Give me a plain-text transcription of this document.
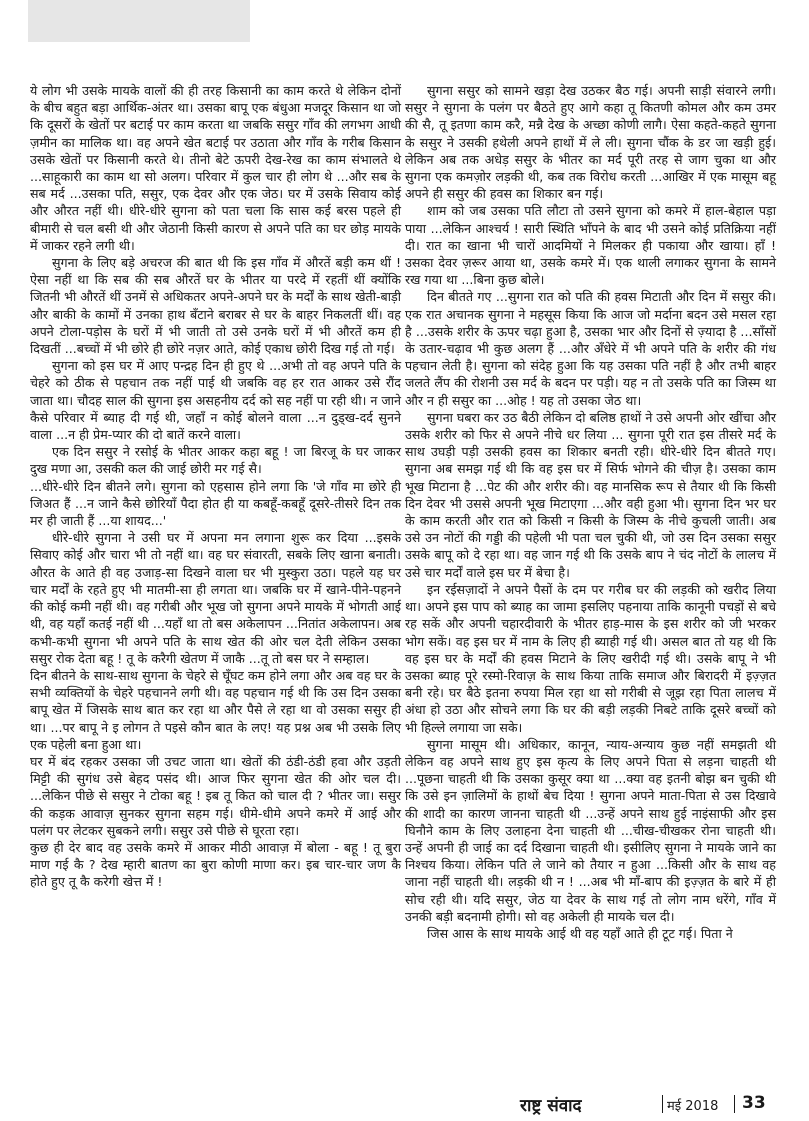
ये लोग भी उसके मायके वालों की ही तरह किसानी का काम करते थे लेकिन दोनों के बीच बहुत बड़ा आर्थिक-अंतर था। उसका बापू एक बंधुआ मजदूर किसान था जो कि दूसरों के खेतों पर बटाई पर काम करता था जबकि ससुर गाँव की लगभग आधी ज़मीन का मालिक था। वह अपने खेत बटाई पर उठाता और गाँव के गरीब किसान उसके खेतों पर किसानी करते थे। तीनो बेटे ऊपरी देख-रेख का काम संभालते थे ...साहूकारी का काम था सो अलग। परिवार में कुल चार ही लोग थे ...और सब के सब मर्द ...उसका पति, ससुर, एक देवर और एक जेठ। घर में उसके सिवाय कोई और औरत नहीं थी। धीरे-धीरे सुगना को पता चला कि सास कई बरस पहले ही बीमारी से चल बसी थी और जेठानी किसी कारण से अपने पति का घर छोड़ मायके में जाकर रहने लगी थी।

सुगना के लिए बड़े अचरज की बात थी कि इस गाँव में औरतें बड़ी कम थीं ! ऐसा नहीं था कि सब की सब औरतें घर के भीतर या परदे में रहतीं थीं क्योंकि जितनी भी औरतें थीं उनमें से अधिकतर अपने-अपने घर के मर्दों के साथ खेती-बाड़ी और बाकी के कामों में उनका हाथ बँटाने बराबर से घर के बाहर निकलतीं थीं। वह अपने टोला-पड़ोस के घरों में भी जाती तो उसे उनके घरों में भी औरतें कम ही दिखतीं ...बच्चों में भी छोरे ही छोरे नज़र आते, कोई एकाध छोरी दिख गई तो गई।

सुगना को इस घर में आए पन्द्रह दिन ही हुए थे ...अभी तो वह अपने पति के चेहरे को ठीक से पहचान तक नहीं पाई थी जबकि वह हर रात आकर उसे रौंद जाता था। चौदह साल की सुगना इस असहनीय दर्द को सह नहीं पा रही थी। न जाने कैसे परिवार में ब्याह दी गई थी, जहाँ न कोई बोलने वाला ...न दुड्ख-दर्द सुनने वाला ...न ही प्रेम-प्यार की दो बातें करने वाला।

एक दिन ससुर ने रसोई के भीतर आकर कहा बहू ! जा बिरजू के घर जाकर दुख मणा आ, उसकी कल की जाई छोरी मर गई सै।

...धीरे-धीरे दिन बीतने लगे। सुगना को एहसास होने लगा कि 'जे गाँव मा छोरे ही जिअत हैं ...न जाने कैसे छोरियाँ पैदा होत ही या कबहूँ-कबहूँ दूसरे-तीसरे दिन तक मर ही जाती हैं ...या शायद...'

धीरे-धीरे सुगना ने उसी घर में अपना मन लगाना शुरू कर दिया ...इसके सिवाए कोई और चारा भी तो नहीं था। वह घर संवारती, सबके लिए खाना बनाती। औरत के आते ही वह उजाड़-सा दिखने वाला घर भी मुस्कुरा उठा। पहले यह घर चार मर्दों के रहते हुए भी मातमी-सा ही लगता था। जबकि घर में खाने-पीने-पहनने की कोई कमी नहीं थी। वह गरीबी और भूख जो सुगना अपने मायके में भोगती आई थी, वह यहाँ कतई नहीं थी ...यहाँ था तो बस अकेलापन ...नितांत अकेलापन। अब कभी-कभी सुगना भी अपने पति के साथ खेत की ओर चल देती लेकिन उसका ससुर रोक देता बहू ! तू के करैगी खेतण में जाकै ...तू तो बस घर ने सम्हाल।

दिन बीतने के साथ-साथ सुगना के चेहरे से घूँघट कम होने लगा और अब वह घर के सभी व्यक्तियों के चेहरे पहचानने लगी थी। वह पहचान गई थी कि उस दिन उसका बापू खेत में जिसके साथ बात कर रहा था और पैसे ले रहा था वो उसका ससुर ही था। ...पर बापू ने इ लोगन ते पइसे कौन बात के लए! यह प्रश्न अब भी उसके लिए एक पहेली बना हुआ था।

घर में बंद रहकर उसका जी उचट जाता था। खेतों की ठंडी-ठंडी हवा और उड़ती मिट्टी की सुगंध उसे बेहद पसंद थी। आज फिर सुगना खेत की ओर चल दी। ...लेकिन पीछे से ससुर ने टोका बहू ! इब तू कित को चाल दी ? भीतर जा। ससुर की कड़क आवाज़ सुनकर सुगना सहम गई। धीमे-धीमे अपने कमरे में आई और पलंग पर लेटकर सुबकने लगी। ससुर उसे पीछे से घूरता रहा।

कुछ ही देर बाद वह उसके कमरे में आकर मीठी आवाज़ में बोला - बहू ! तू बुरा माण गई कै ? देख म्हारी बातण का बुरा कोणी माणा कर। इब चार-चार जण कै होते हुए तू कै करेगी खेत्त में !

सुगना ससुर को सामने खड़ा देख उठकर बैठ गई। अपनी साड़ी संवारने लगी। ससुर ने सुगना के पलंग पर बैठते हुए आगे कहा तू कितणी कोमल और कम उमर की सै, तू इतणा काम करै, मन्नै देख के अच्छा कोणी लागै। ऐसा कहते-कहते सुगना के ससुर ने उसकी हथेली अपने हाथों में ले ली। सुगना चौंक के डर जा खड़ी हुई। लेकिन अब तक अधेड़ ससुर के भीतर का मर्द पूरी तरह से जाग चुका था और सुगना एक कमज़ोर लड़की थी, कब तक विरोध करती ...आखिर में एक मासूम बहू अपने ही ससुर की हवस का शिकार बन गई।

शाम को जब उसका पति लौटा तो उसने सुगना को कमरे में हाल-बेहाल पड़ा पाया ...लेकिन आश्चर्य ! सारी स्थिति भाँपने के बाद भी उसने कोई प्रतिक्रिया नहीं दी। रात का खाना भी चारों आदमियों ने मिलकर ही पकाया और खाया। हाँ ! उसका देवर ज़रूर आया था, उसके कमरे में। एक थाली लगाकर सुगना के सामने रख गया था ...बिना कुछ बोले।

दिन बीतते गए ...सुगना रात को पति की हवस मिटाती और दिन में ससुर की। एक रात अचानक सुगना ने महसूस किया कि आज जो मर्दाना बदन उसे मसल रहा है ...उसके शरीर के ऊपर चढ़ा हुआ है, उसका भार और दिनों से ज़्यादा है ...साँसों के उतार-चढ़ाव भी कुछ अलग हैं ...और अँधेरे में भी अपने पति के शरीर की गंध पहचान लेती है। सुगना को संदेह हुआ कि यह उसका पति नहीं है और तभी बाहर जलते लैंप की रोशनी उस मर्द के बदन पर पड़ी। यह न तो उसके पति का जिस्म था और न ही ससुर का ...ओह ! यह तो उसका जेठ था।

सुगना घबरा कर उठ बैठी लेकिन दो बलिष्ठ हाथों ने उसे अपनी ओर खींचा और उसके शरीर को फिर से अपने नीचे धर लिया ... सुगना पूरी रात इस तीसरे मर्द के साथ उघड़ी पड़ी उसकी हवस का शिकार बनती रही। धीरे-धीरे दिन बीतते गए। सुगना अब समझ गई थी कि वह इस घर में सिर्फ भोगने की चीज़ है। उसका काम भूख मिटाना है ...पेट की और शरीर की। वह मानसिक रूप से तैयार थी कि किसी दिन देवर भी उससे अपनी भूख मिटाएगा ...और वही हुआ भी। सुगना दिन भर घर के काम करती और रात को किसी न किसी के जिस्म के नीचे कुचली जाती। अब उसे उन नोटों की गड्डी की पहेली भी पता चल चुकी थी, जो उस दिन उसका ससुर उसके बापू को दे रहा था। वह जान गई थी कि उसके बाप ने चंद नोटों के लालच में उसे चार मर्दों वाले इस घर में बेचा है।

इन रईसज़ादों ने अपने पैसों के दम पर गरीब घर की लड़की को खरीद लिया था। अपने इस पाप को ब्याह का जामा इसलिए पहनाया ताकि कानूनी पचड़ों से बचे रह सकें और अपनी चहारदीवारी के भीतर हाड़-मास के इस शरीर को जी भरकर भोग सकें। वह इस घर में नाम के लिए ही ब्याही गई थी। असल बात तो यह थी कि वह इस घर के मर्दों की हवस मिटाने के लिए खरीदी गई थी। उसके बापू ने भी उसका ब्याह पूरे रस्मो-रिवाज़ के साथ किया ताकि समाज और बिरादरी में इज़्ज़त बनी रहे। घर बैठे इतना रुपया मिल रहा था सो गरीबी से जूझ रहा पिता लालच में अंधा हो उठा और सोचने लगा कि घर की बड़ी लड़की निबटे ताकि दूसरे बच्चों को भी हिल्ले लगाया जा सके।

सुगना मासूम थी। अधिकार, कानून, न्याय-अन्याय कुछ नहीं समझती थी लेकिन वह अपने साथ हुए इस कृत्य के लिए अपने पिता से लड़ना चाहती थी ...पूछना चाहती थी कि उसका कुसूर क्या था ...क्या वह इतनी बोझ बन चुकी थी कि उसे इन ज़ालिमों के हाथों बेच दिया ! सुगना अपने माता-पिता से उस दिखावे की शादी का कारण जानना चाहती थी ...उन्हें अपने साथ हुई नाइंसाफी और इस घिनौने काम के लिए उलाहना देना चाहती थी ...चीख-चीखकर रोना चाहती थी। उन्हें अपनी ही जाई का दर्द दिखाना चाहती थी। इसीलिए सुगना ने मायके जाने का निश्चय किया। लेकिन पति ले जाने को तैयार न हुआ ...किसी और के साथ वह जाना नहीं चाहती थी। लड़की थी न ! ...अब भी माँ-बाप की इज़्ज़त के बारे में ही सोच रही थी। यदि ससुर, जेठ या देवर के साथ गई तो लोग नाम धरेंगे, गाँव में उनकी बड़ी बदनामी होगी। सो वह अकेली ही मायके चल दी।

जिस आस के साथ मायके आई थी वह यहाँ आते ही टूट गई। पिता ने

राष्ट्र संवाद	मई 2018 33
